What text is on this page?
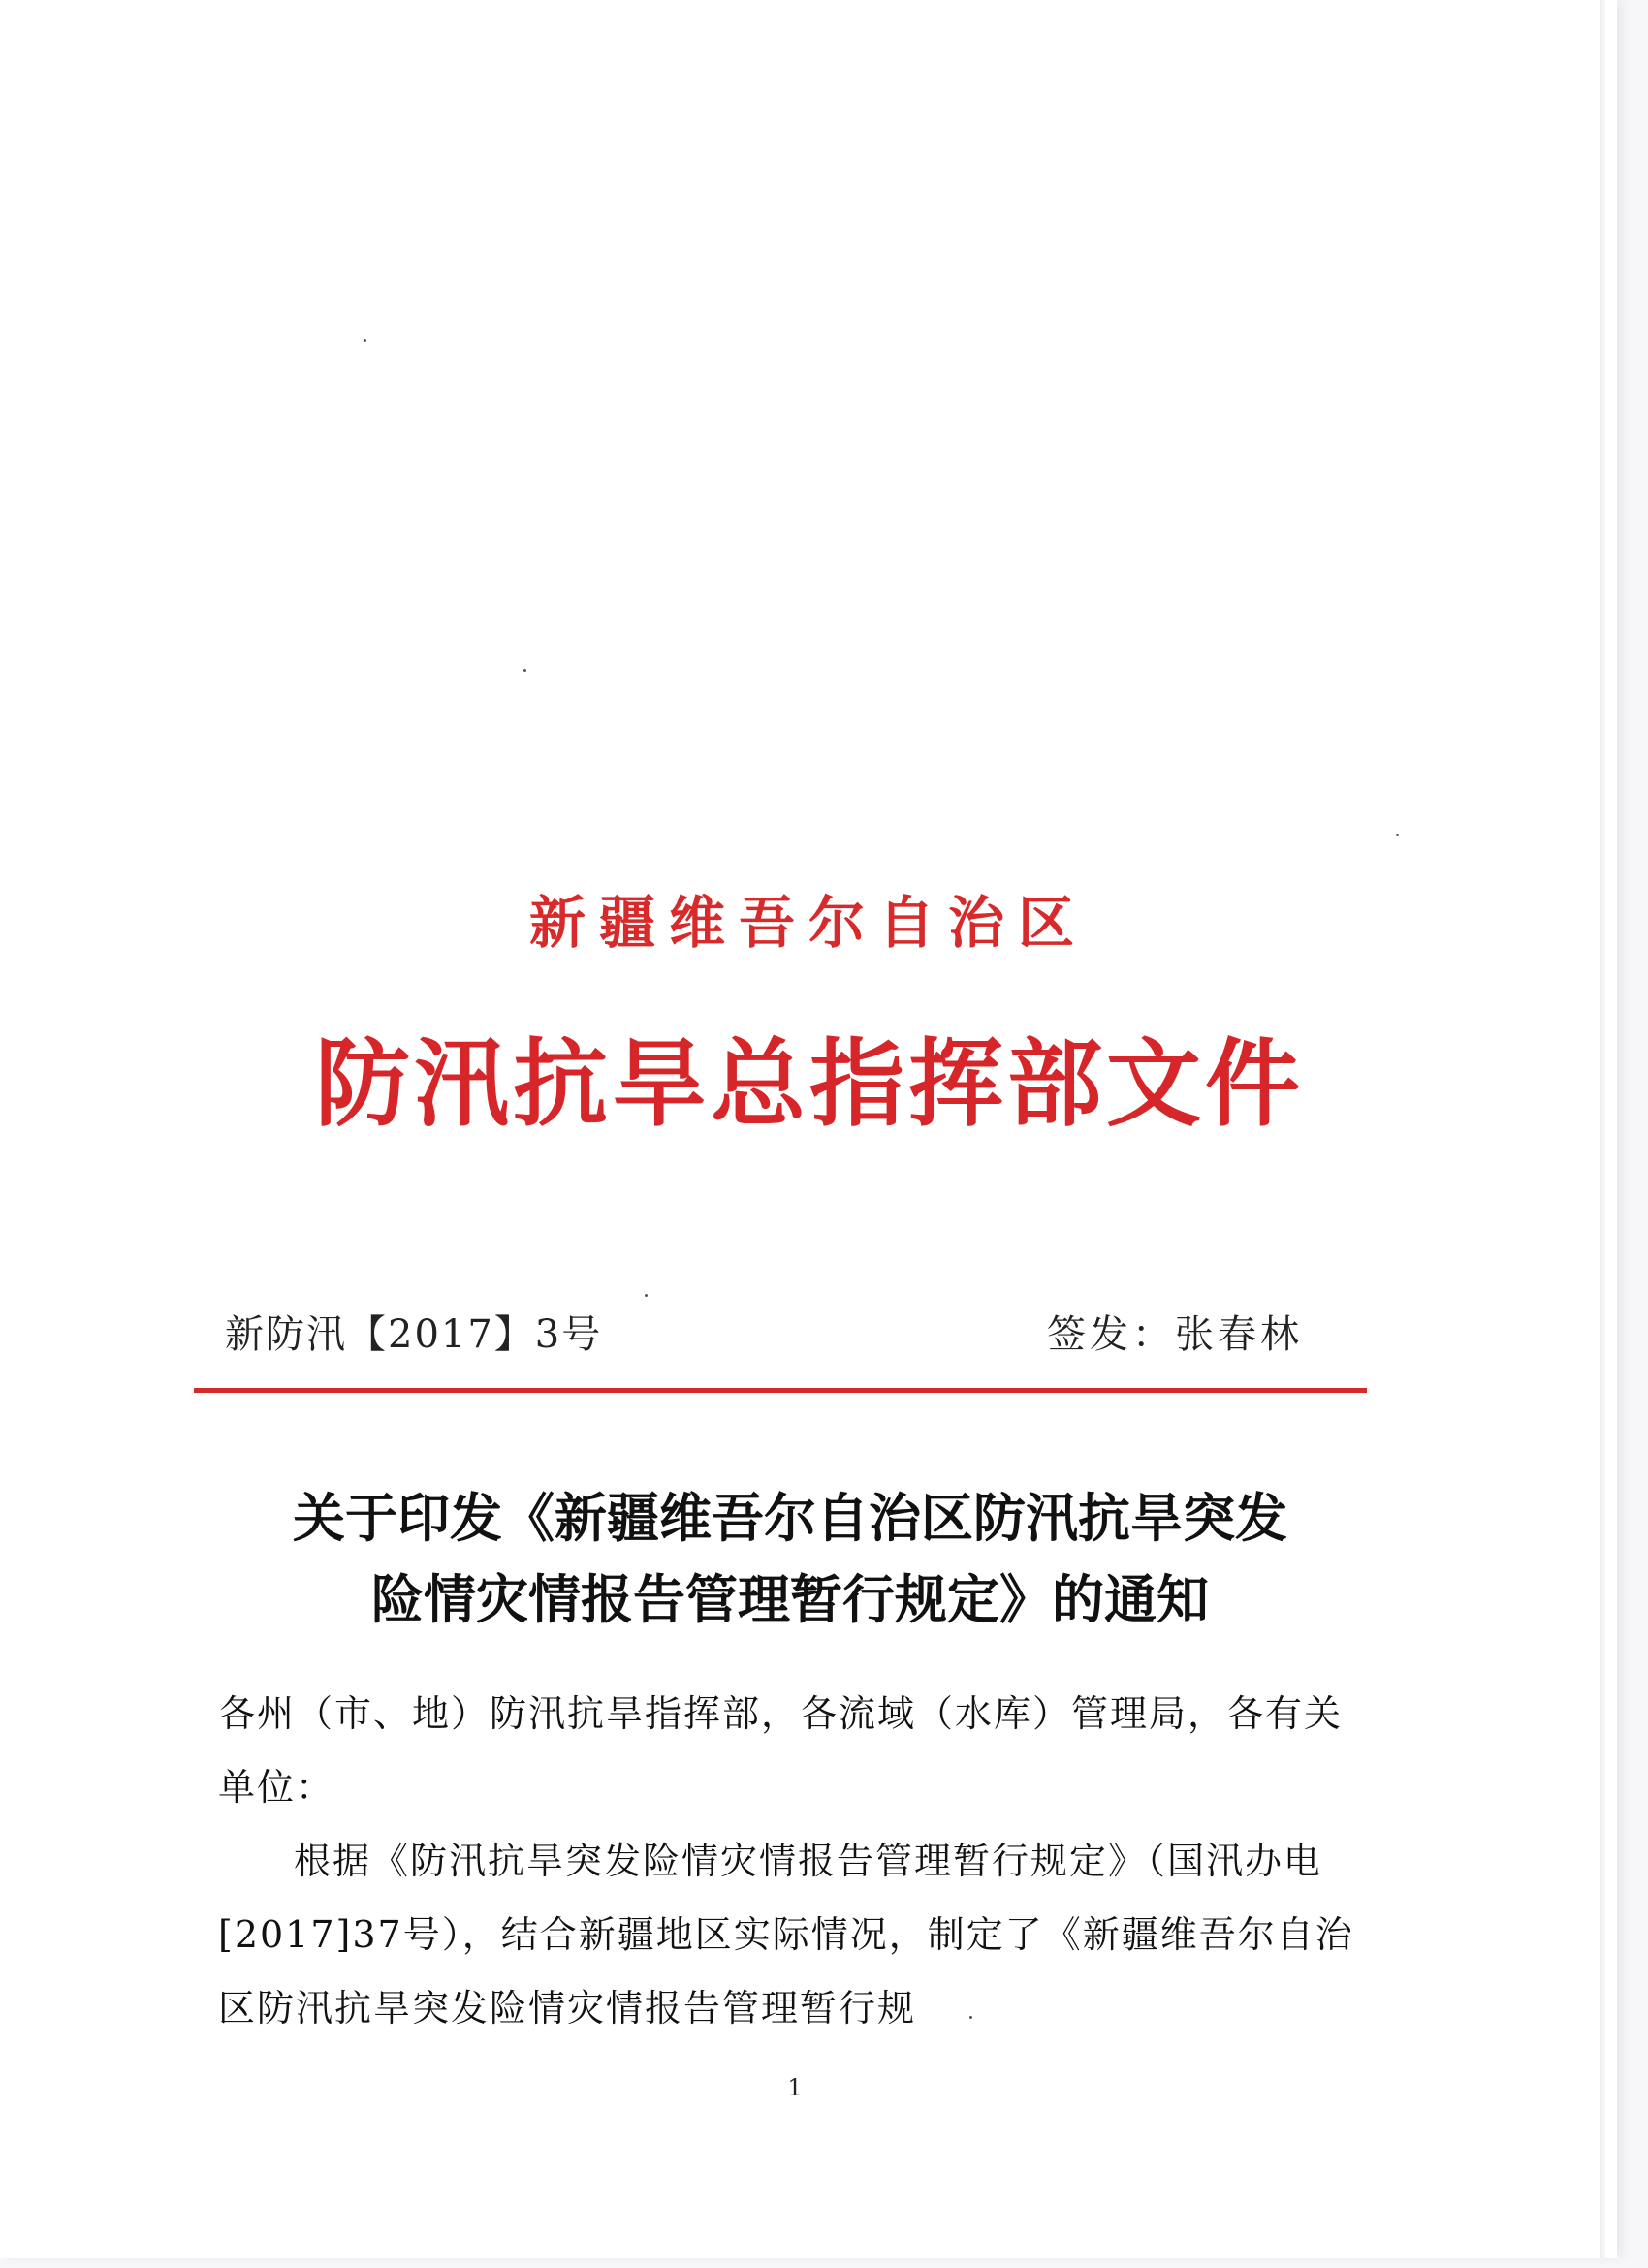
新疆维吾尔自治区
防汛抗旱总指挥部文件
新防汛【2017】3号	签发：张春林
关于印发《新疆维吾尔自治区防汛抗旱突发
险情灾情报告管理暂行规定》的通知

各州（市、地）防汛抗旱指挥部，各流域（水库）管理局，各有关单位：

根据《防汛抗旱突发险情灾情报告管理暂行规定》（国汛办电[2017]37号），结合新疆地区实际情况，制定了《新疆维吾尔自治区防汛抗旱突发险情灾情报告管理暂行规

1
